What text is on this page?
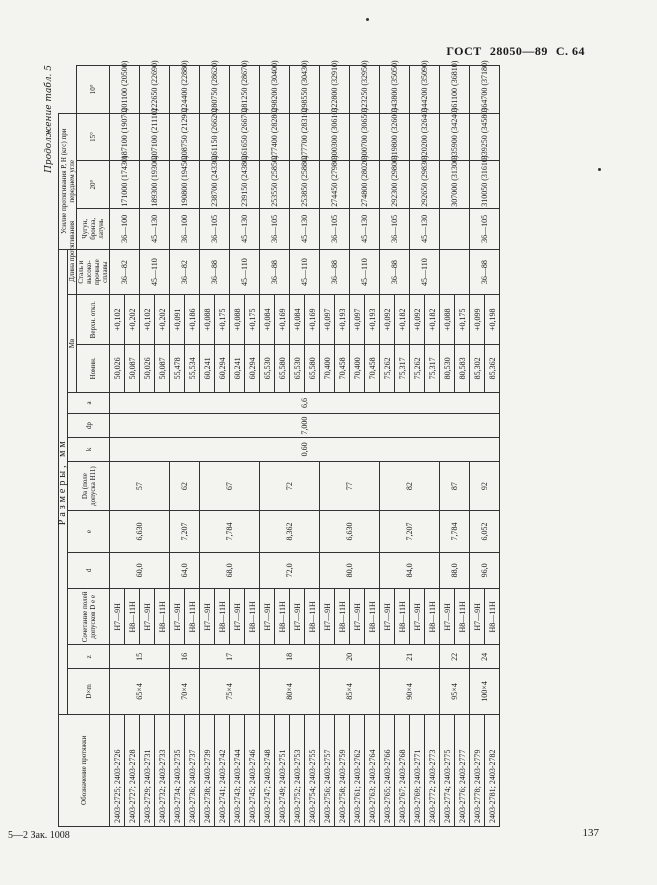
ГОСТ 28050—89 С. 64
Продолжение табл. 5
Обозначение протяжки	Размеры, мм												Усилие протягивания P, Н (кгс) при переднем угле			
	D×m	z	Сочетание полей допусков D e e	d	e	Da (поле допуска H11)	k	dp	a	Mв		Длина протягивания				
										Номин.	Верхн. откл.	Сталь и высоко-прочные сплавы	Чугун, бронза, латунь	20°	15°	10°
2403-2725; 2403-2726	65×4	15	H7—9H	60,0	6,630	57	0,60	7,000	6,6	50,026	+0,102	36—82	36—100	171000 (17430)	187100 (19070)	201100 (20500)
2403-2727; 2403-2728			H8—11H							50,087	+0,202					
2403-2729; 2403-2731			H7—9H							50,026	+0,102	45—110	45—130	189300 (19300)	207100 (21110)	222650 (22690)
2403-2732; 2403-2733			H8—11H							50,087	+0,202					
2403-2734; 2403-2735	70×4	16	H7—9H	64,0	7,207	62				55,478	+0,091	36—82	36—100	190800 (19450)	208750 (21290)	224400 (22880)
2403-2736; 2403-2737			H8—11H							55,534	+0,186					
2403-2738; 2403-2739	75×4	17	H7—9H	68,0	7,784	67				60,241	+0,088	36—88	36—105	238700 (24330)	261150 (26620)	280750 (28620)
2403-2741; 2403-2742			H8—11H							60,294	+0,175					
2403-2743; 2403-2744			H7—9H							60,241	+0,088	45—110	45—130	239150 (24380)	261650 (26670)	281250 (28670)
2403-2745; 2403-2746			H8—11H							60,294	+0,175					
2403-2747; 2403-2748	80×4	18	H7—9H	72,0	8,362	72				65,530	+0,084	36—88	36—105	253550 (25850)	277400 (28280)	298200 (30400)
2403-2749; 2403-2751			H8—11H							65,580	+0,169					
2403-2752; 2403-2753			H7—9H							65,530	+0,084	45—110	45—130	253850 (25880)	277700 (28310)	298550 (30430)
2403-2754; 2403-2755			H8—11H							65,580	+0,169					
2403-2756; 2403-2757	85×4	20	H7—9H	80,0	6,630	77				70,400	+0,097	36—88	36—105	274450 (27980)	300300 (30610)	322800 (32910)
2403-2758; 2403-2759			H8—11H							70,458	+0,193					
2403-2761; 2403-2762			H7—9H							70,400	+0,097	45—110	45—130	274800 (28020)	300700 (30650)	323250 (32950)
2403-2763; 2403-2764			H8—11H							70,458	+0,193					
2403-2765; 2403-2766	90×4	21	H7—9H	84,0	7,207	82				75,262	+0,092	36—88	36—105	292300 (29800)	319800 (32600)	343800 (35050)
2403-2767; 2403-2768			H8—11H							75,317	+0,182					
2403-2769; 2403-2771			H7—9H							75,262	+0,092	45—110	45—130	292650 (29830)	320200 (32640)	344200 (35090)
2403-2772; 2403-2773			H8—11H							75,317	+0,182					
2403-2774; 2403-2775	95×4	22	H7—9H	88,0	7,784	87				80,530	+0,088			307000 (31300)	335900 (34240)	361100 (36810)
2403-2776; 2403-2777			H8—11H							80,583	+0,175					
2403-2778; 2403-2779	100×4	24	H7—9H	96,0	6,052	92				85,302	+0,099	36—88	36—105	310050 (31610)	339250 (34580)	364700 (37180)
2403-2781; 2403-2782			H8—11H							85,362	+0,198					
5—2 Зак. 1008	137
